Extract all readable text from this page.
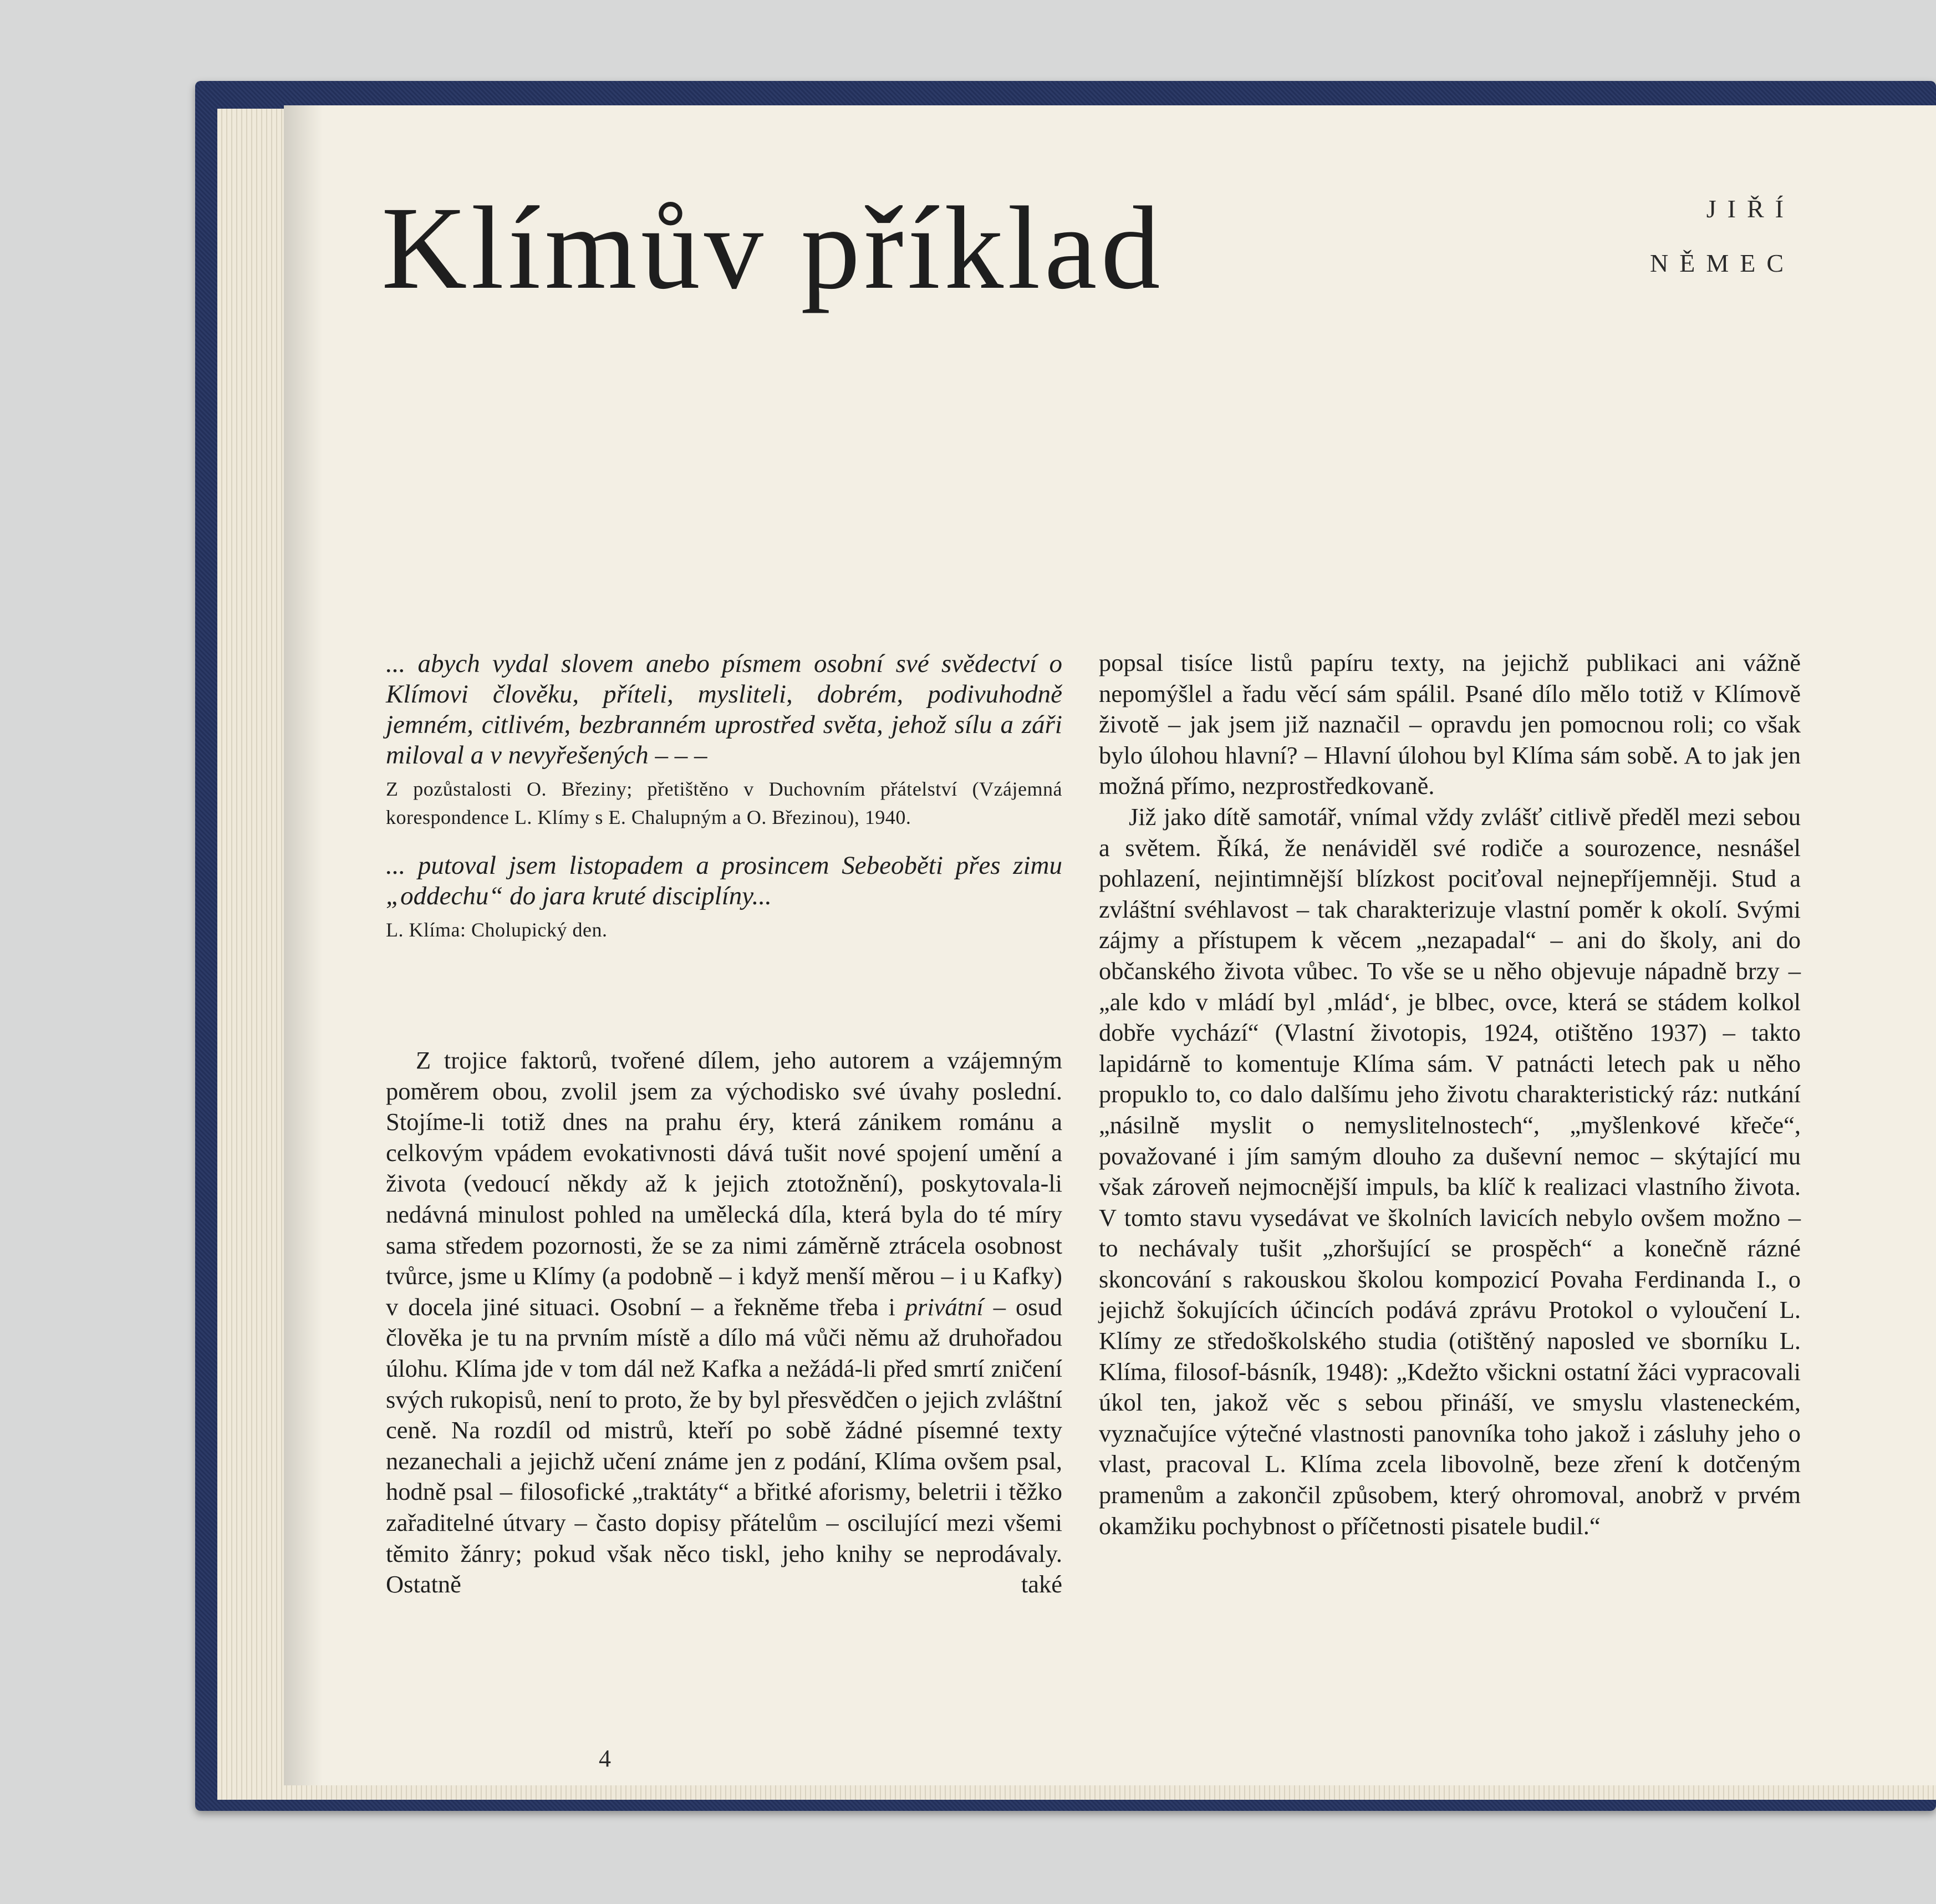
Klímův příklad	JIŘÍ

NĚMEC

... abych vydal slovem anebo písmem osobní své svědectví o Klímovi člověku, příteli, mysliteli, dobrém, podivuhodně jemném, citlivém, bezbranném uprostřed světa, jehož sílu a záři miloval a v nevyřešených – – –

Z pozůstalosti O. Březiny; přetištěno v Duchovním přátelství (Vzájemná korespondence L. Klímy s E. Chalupným a O. Březinou), 1940.

... putoval jsem listopadem a prosincem Sebeoběti přes zimu „oddechu“ do jara kruté disciplíny...

L. Klíma: Cholupický den.

Z trojice faktorů, tvořené dílem, jeho autorem a vzájemným poměrem obou, zvolil jsem za východisko své úvahy poslední. Stojíme-li totiž dnes na prahu éry, která zánikem románu a celkovým vpádem evokativnosti dává tušit nové spojení umění a života (vedoucí někdy až k jejich ztotožnění), poskytovala-li nedávná minulost pohled na umělecká díla, která byla do té míry sama středem pozornosti, že se za nimi záměrně ztrácela osobnost tvůrce, jsme u Klímy (a podobně – i když menší měrou – i u Kafky) v docela jiné situaci. Osobní – a řekněme třeba i privátní – osud člověka je tu na prvním místě a dílo má vůči němu až druhořadou úlohu. Klíma jde v tom dál než Kafka a nežádá-li před smrtí zničení svých rukopisů, není to proto, že by byl přesvědčen o jejich zvláštní ceně. Na rozdíl od mistrů, kteří po sobě žádné písemné texty nezanechali a jejichž učení známe jen z podání, Klíma ovšem psal, hodně psal – filosofické „traktáty“ a břitké aforismy, beletrii i těžko zařaditelné útvary – často dopisy přátelům – oscilující mezi všemi těmito žánry; pokud však něco tiskl, jeho knihy se neprodávaly. Ostatně také

popsal tisíce listů papíru texty, na jejichž publikaci ani vážně nepomýšlel a řadu věcí sám spálil. Psané dílo mělo totiž v Klímově životě – jak jsem již naznačil – opravdu jen pomocnou roli; co však bylo úlohou hlavní? – Hlavní úlohou byl Klíma sám sobě. A to jak jen možná přímo, nezprostředkovaně.

Již jako dítě samotář, vnímal vždy zvlášť citlivě předěl mezi sebou a světem. Říká, že nenáviděl své rodiče a sourozence, nesnášel pohlazení, nejintimnější blízkost pociťoval nejnepříjemněji. Stud a zvláštní svéhlavost – tak charakterizuje vlastní poměr k okolí. Svými zájmy a přístupem k věcem „nezapadal“ – ani do školy, ani do občanského života vůbec. To vše se u něho objevuje nápadně brzy – „ale kdo v mládí byl ‚mlád‘, je blbec, ovce, která se stádem kolkol dobře vychází“ (Vlastní životopis, 1924, otištěno 1937) – takto lapidárně to komentuje Klíma sám. V patnácti letech pak u něho propuklo to, co dalo dalšímu jeho životu charakteristický ráz: nutkání „násilně myslit o nemyslitelnostech“, „myšlenkové křeče“, považované i jím samým dlouho za duševní nemoc – skýtající mu však zároveň nejmocnější impuls, ba klíč k realizaci vlastního života. V tomto stavu vysedávat ve školních lavicích nebylo ovšem možno – to nechávaly tušit „zhoršující se prospěch“ a konečně rázné skoncování s rakouskou školou kompozicí Povaha Ferdinanda I., o jejichž šokujících účincích podává zprávu Protokol o vyloučení L. Klímy ze středoškolského studia (otištěný naposled ve sborníku L. Klíma, filosof-básník, 1948): „Kdežto všickni ostatní žáci vypracovali úkol ten, jakož věc s sebou přináší, ve smyslu vlasteneckém, vyznačujíce výtečné vlastnosti panovníka toho jakož i zásluhy jeho o vlast, pracoval L. Klíma zcela libovolně, beze zření k dotčeným pramenům a zakončil způsobem, který ohromoval, anobrž v prvém okamžiku pochybnost o příčetnosti pisatele budil.“

4
